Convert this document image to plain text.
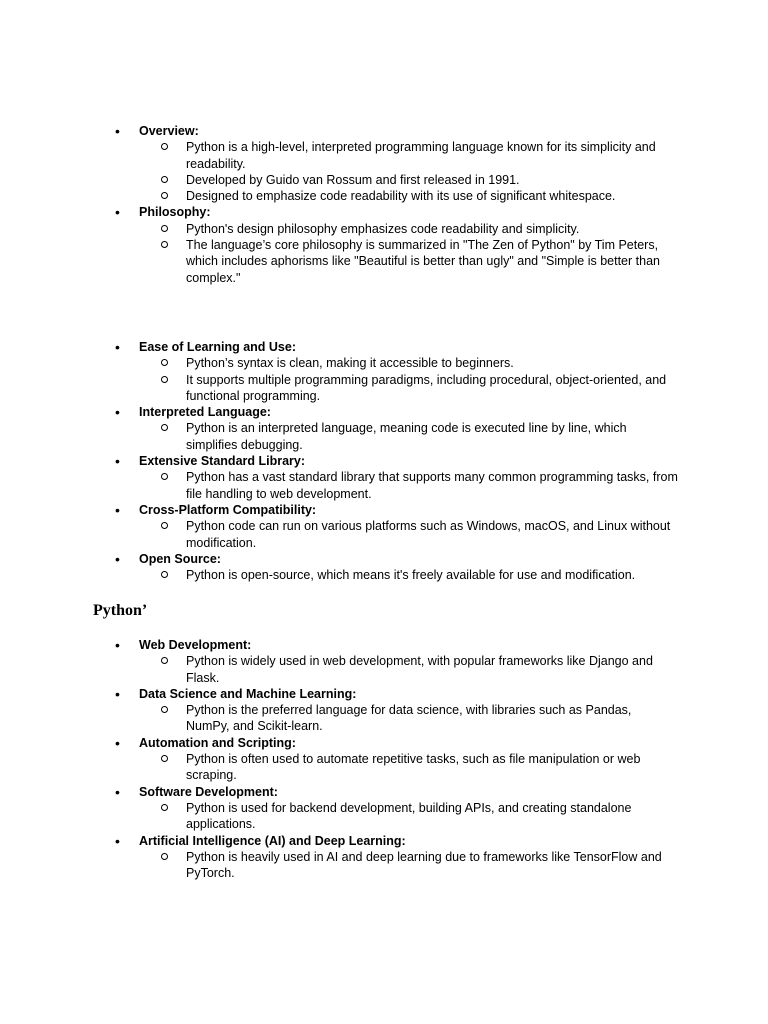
• Overview:
Python is a high-level, interpreted programming language known for its simplicity and readability.
Developed by Guido van Rossum and first released in 1991.
Designed to emphasize code readability with its use of significant whitespace.
• Philosophy:
Python's design philosophy emphasizes code readability and simplicity.
The language’s core philosophy is summarized in "The Zen of Python" by Tim Peters, which includes aphorisms like "Beautiful is better than ugly" and "Simple is better than complex."
• Ease of Learning and Use:
Python’s syntax is clean, making it accessible to beginners.
It supports multiple programming paradigms, including procedural, object-oriented, and functional programming.
• Interpreted Language:
Python is an interpreted language, meaning code is executed line by line, which simplifies debugging.
• Extensive Standard Library:
Python has a vast standard library that supports many common programming tasks, from file handling to web development.
• Cross-Platform Compatibility:
Python code can run on various platforms such as Windows, macOS, and Linux without modification.
• Open Source:
Python is open-source, which means it's freely available for use and modification.
Python’
• Web Development:
Python is widely used in web development, with popular frameworks like Django and Flask.
• Data Science and Machine Learning:
Python is the preferred language for data science, with libraries such as Pandas, NumPy, and Scikit-learn.
• Automation and Scripting:
Python is often used to automate repetitive tasks, such as file manipulation or web scraping.
• Software Development:
Python is used for backend development, building APIs, and creating standalone applications.
• Artificial Intelligence (AI) and Deep Learning:
Python is heavily used in AI and deep learning due to frameworks like TensorFlow and PyTorch.
